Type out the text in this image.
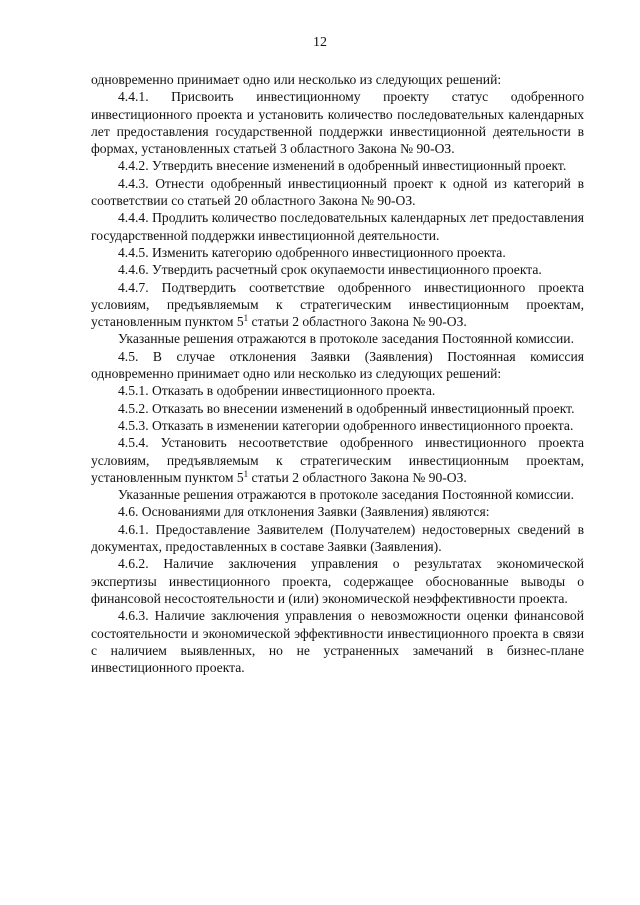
12

одновременно принимает одно или несколько из следующих решений:

4.4.1. Присвоить инвестиционному проекту статус одобренного инвестиционного проекта и установить количество последовательных календарных лет предоставления государственной поддержки инвестиционной деятельности в формах, установленных статьей 3 областного Закона № 90-ОЗ.

4.4.2. Утвердить внесение изменений в одобренный инвестиционный проект.

4.4.3. Отнести одобренный инвестиционный проект к одной из категорий в соответствии со статьей 20 областного Закона № 90-ОЗ.

4.4.4. Продлить количество последовательных календарных лет предоставления государственной поддержки инвестиционной деятельности.

4.4.5. Изменить категорию одобренного инвестиционного проекта.

4.4.6. Утвердить расчетный срок окупаемости инвестиционного проекта.

4.4.7. Подтвердить соответствие одобренного инвестиционного проекта условиям, предъявляемым к стратегическим инвестиционным проектам, установленным пунктом $5^1$ статьи 2 областного Закона № 90-ОЗ.

Указанные решения отражаются в протоколе заседания Постоянной комиссии.

4.5. В случае отклонения Заявки (Заявления) Постоянная комиссия одновременно принимает одно или несколько из следующих решений:

4.5.1. Отказать в одобрении инвестиционного проекта.

4.5.2. Отказать во внесении изменений в одобренный инвестиционный проект.

4.5.3. Отказать в изменении категории одобренного инвестиционного проекта.

4.5.4. Установить несоответствие одобренного инвестиционного проекта условиям, предъявляемым к стратегическим инвестиционным проектам, установленным пунктом $5^1$ статьи 2 областного Закона № 90-ОЗ.

Указанные решения отражаются в протоколе заседания Постоянной комиссии.

4.6. Основаниями для отклонения Заявки (Заявления) являются:

4.6.1. Предоставление Заявителем (Получателем) недостоверных сведений в документах, предоставленных в составе Заявки (Заявления).

4.6.2. Наличие заключения управления о результатах экономической экспертизы инвестиционного проекта, содержащее обоснованные выводы о финансовой несостоятельности и (или) экономической неэффективности проекта.

4.6.3. Наличие заключения управления о невозможности оценки финансовой состоятельности и экономической эффективности инвестиционного проекта в связи с наличием выявленных, но не устраненных замечаний в бизнес-плане инвестиционного проекта.
